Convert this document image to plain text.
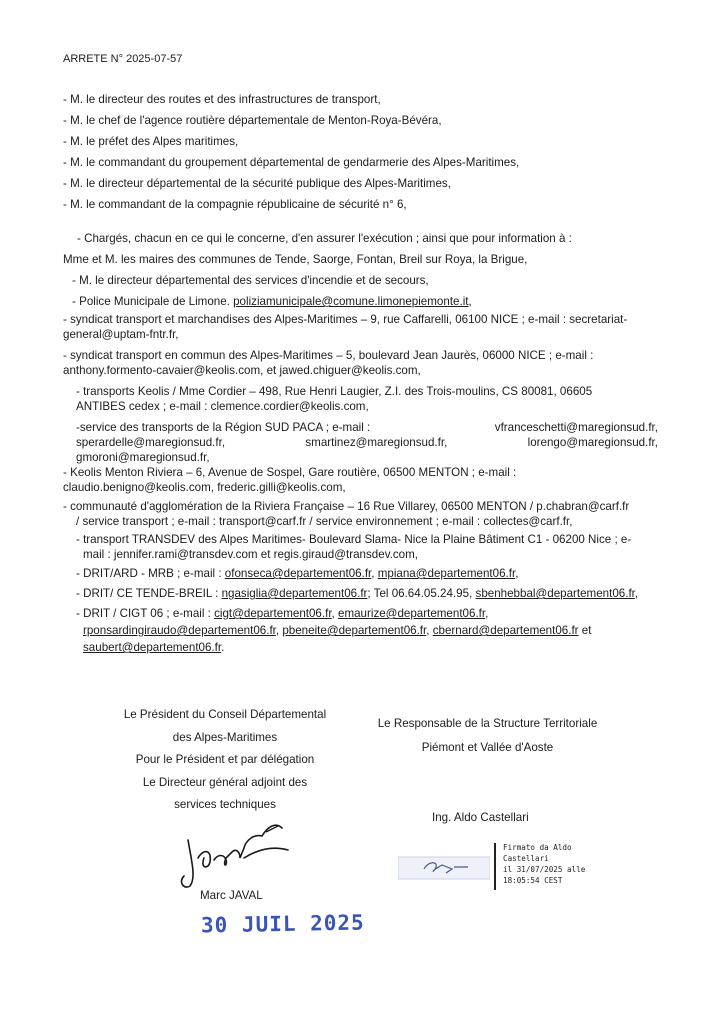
ARRETE N° 2025-07-57
- M. le directeur des routes et des infrastructures de transport,
- M. le chef de l'agence routière départementale de Menton-Roya-Bévéra,
- M. le préfet des Alpes maritimes,
- M. le commandant du groupement départemental de gendarmerie des Alpes-Maritimes,
- M. le directeur départemental de la sécurité publique des Alpes-Maritimes,
- M. le commandant de la compagnie républicaine de sécurité n° 6,
- Chargés, chacun en ce qui le concerne, d'en assurer l'exécution ; ainsi que pour information à :
Mme et M. les maires des communes de Tende, Saorge, Fontan, Breil sur Roya, la Brigue,
- M. le directeur départemental des services d'incendie et de secours,
- Police Municipale de Limone. poliziamunicipale@comune.limonepiemonte.it,
- syndicat transport et marchandises des Alpes-Maritimes – 9, rue Caffarelli, 06100 NICE ; e-mail : secretariat-
general@uptam-fntr.fr,
- syndicat transport en commun des Alpes-Maritimes – 5, boulevard Jean Jaurès, 06000 NICE ; e-mail :
anthony.formento-cavaier@keolis.com, et jawed.chiguer@keolis.com,
- transports Keolis / Mme Cordier – 498, Rue Henri Laugier, Z.I. des Trois-moulins, CS 80081, 06605
ANTIBES cedex ; e-mail : clemence.cordier@keolis.com,
-service des transports de la Région SUD PACA ; e-mail :	vfranceschetti@maregionsud.fr,
sperardelle@maregionsud.fr,	smartinez@maregionsud.fr,	lorengo@maregionsud.fr,
gmoroni@maregionsud.fr,
- Keolis Menton Riviera – 6, Avenue de Sospel, Gare routière, 06500 MENTON ; e-mail :
claudio.benigno@keolis.com, frederic.gilli@keolis.com,
- communauté d'agglomération de la Riviera Française – 16 Rue Villarey, 06500 MENTON / p.chabran@carf.fr
/ service transport ; e-mail : transport@carf.fr / service environnement ; e-mail : collectes@carf.fr,
- transport TRANSDEV des Alpes Maritimes- Boulevard Slama- Nice la Plaine Bâtiment C1 - 06200 Nice ; e-
mail : jennifer.rami@transdev.com et regis.giraud@transdev.com,
- DRIT/ARD - MRB ; e-mail : ofonseca@departement06.fr, mpiana@departement06.fr,
- DRIT/ CE TENDE-BREIL : ngasiglia@departement06.fr; Tel 06.64.05.24.95, sbenhebbal@departement06.fr,
- DRIT / CIGT 06 ; e-mail : cigt@departement06.fr, emaurize@departement06.fr,
rponsardingiraudo@departement06.fr, pbeneite@departement06.fr, cbernard@departement06.fr et
saubert@departement06.fr.
Le Président du Conseil Départemental
des Alpes-Maritimes
Pour le Président et par délégation
Le Directeur général adjoint des
services techniques
Marc JAVAL
30 JUIL 2025
Le Responsable de la Structure Territoriale
Piémont et Vallée d'Aoste
Ing. Aldo Castellari
Firmato da Aldo
Castellari
il 31/07/2025 alle
18:05:54 CEST
